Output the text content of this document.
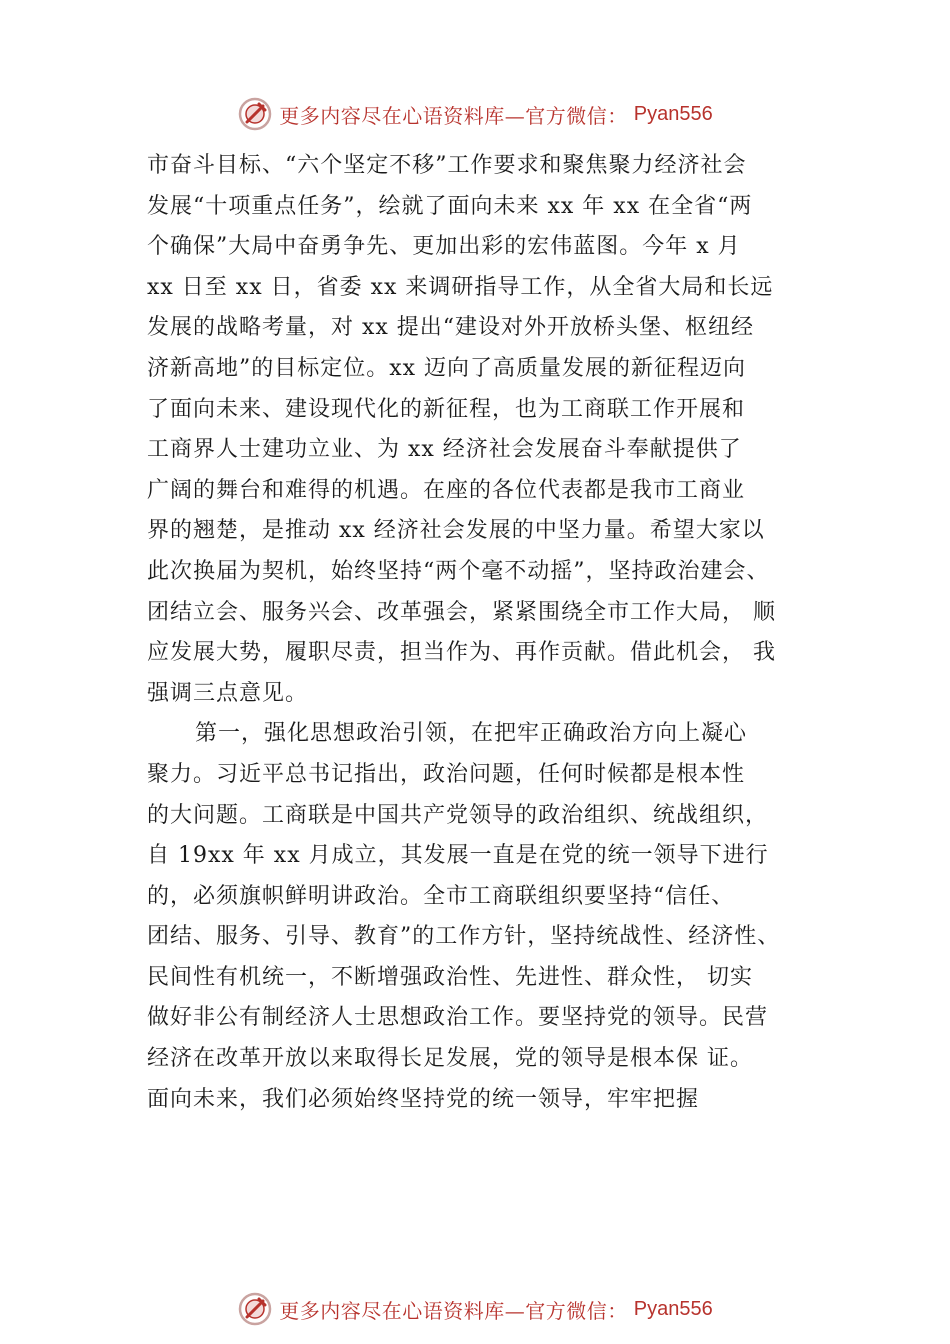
更多内容尽在心语资料库—官方微信： Pyan556
市奋斗目标、“六个坚定不移”工作要求和聚焦聚力经济社会
发展“十项重点任务”，绘就了面向未来 xx 年 xx 在全省“两
个确保”大局中奋勇争先、更加出彩的宏伟蓝图。今年 x 月
xx 日至 xx 日，省委 xx 来调研指导工作，从全省大局和长远
发展的战略考量，对 xx 提出“建设对外开放桥头堡、枢纽经
济新高地”的目标定位。xx 迈向了高质量发展的新征程迈向
了面向未来、建设现代化的新征程，也为工商联工作开展和
工商界人士建功立业、为 xx 经济社会发展奋斗奉献提供了
广阔的舞台和难得的机遇。在座的各位代表都是我市工商业
界的翘楚，是推动 xx 经济社会发展的中坚力量。希望大家以
此次换届为契机，始终坚持“两个毫不动摇”，坚持政治建会、
团结立会、服务兴会、改革强会，紧紧围绕全市工作大局， 顺
应发展大势，履职尽责，担当作为、再作贡献。借此机会， 我
强调三点意见。
第一，强化思想政治引领，在把牢正确政治方向上凝心
聚力。习近平总书记指出，政治问题，任何时候都是根本性
的大问题。工商联是中国共产党领导的政治组织、统战组织，
自 19xx 年 xx 月成立，其发展一直是在党的统一领导下进行
的，必须旗帜鲜明讲政治。全市工商联组织要坚持“信任、
团结、服务、引导、教育”的工作方针，坚持统战性、经济性、
民间性有机统一，不断增强政治性、先进性、群众性， 切实
做好非公有制经济人士思想政治工作。要坚持党的领导。民营
经济在改革开放以来取得长足发展，党的领导是根本保 证。
面向未来，我们必须始终坚持党的统一领导，牢牢把握
更多内容尽在心语资料库—官方微信： Pyan556
